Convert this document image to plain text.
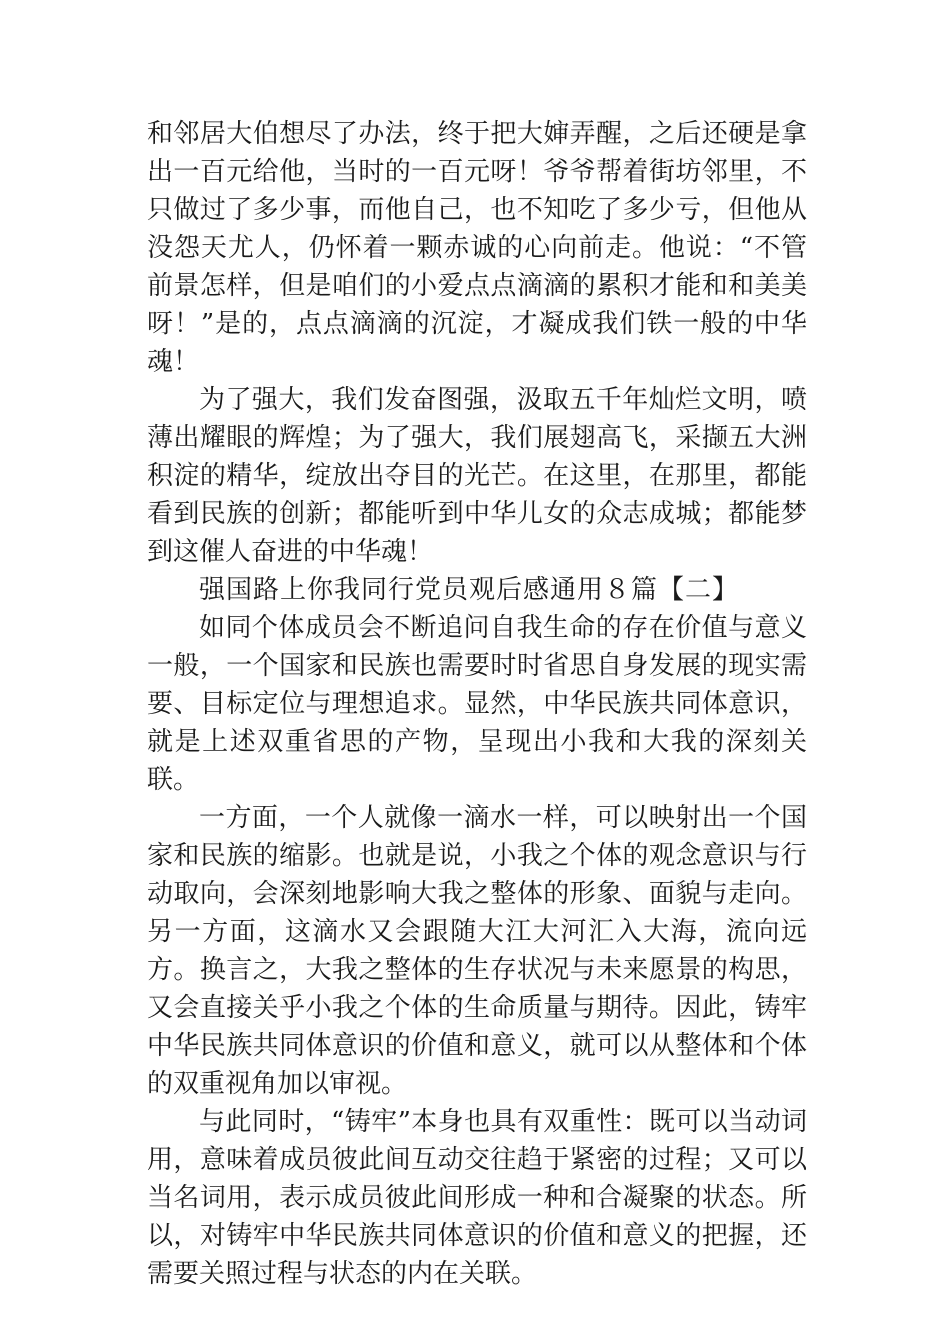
和邻居大伯想尽了办法，终于把大婶弄醒，之后还硬是拿出一百元给他，当时的一百元呀！爷爷帮着街坊邻里，不只做过了多少事，而他自己，也不知吃了多少亏，但他从没怨天尤人，仍怀着一颗赤诚的心向前走。他说：“不管前景怎样，但是咱们的小爱点点滴滴的累积才能和和美美呀！”是的，点点滴滴的沉淀，才凝成我们铁一般的中华魂！

为了强大，我们发奋图强，汲取五千年灿烂文明，喷薄出耀眼的辉煌；为了强大，我们展翅高飞，采撷五大洲积淀的精华，绽放出夺目的光芒。在这里，在那里，都能看到民族的创新；都能听到中华儿女的众志成城；都能梦到这催人奋进的中华魂！

强国路上你我同行党员观后感通用８篇【二】

如同个体成员会不断追问自我生命的存在价值与意义一般，一个国家和民族也需要时时省思自身发展的现实需要、目标定位与理想追求。显然，中华民族共同体意识，就是上述双重省思的产物，呈现出小我和大我的深刻关联。

一方面，一个人就像一滴水一样，可以映射出一个国家和民族的缩影。也就是说，小我之个体的观念意识与行动取向，会深刻地影响大我之整体的形象、面貌与走向。另一方面，这滴水又会跟随大江大河汇入大海，流向远方。换言之，大我之整体的生存状况与未来愿景的构思，又会直接关乎小我之个体的生命质量与期待。因此，铸牢中华民族共同体意识的价值和意义，就可以从整体和个体的双重视角加以审视。

与此同时，“铸牢”本身也具有双重性：既可以当动词用，意味着成员彼此间互动交往趋于紧密的过程；又可以当名词用，表示成员彼此间形成一种和合凝聚的状态。所以，对铸牢中华民族共同体意识的价值和意义的把握，还需要关照过程与状态的内在关联。
